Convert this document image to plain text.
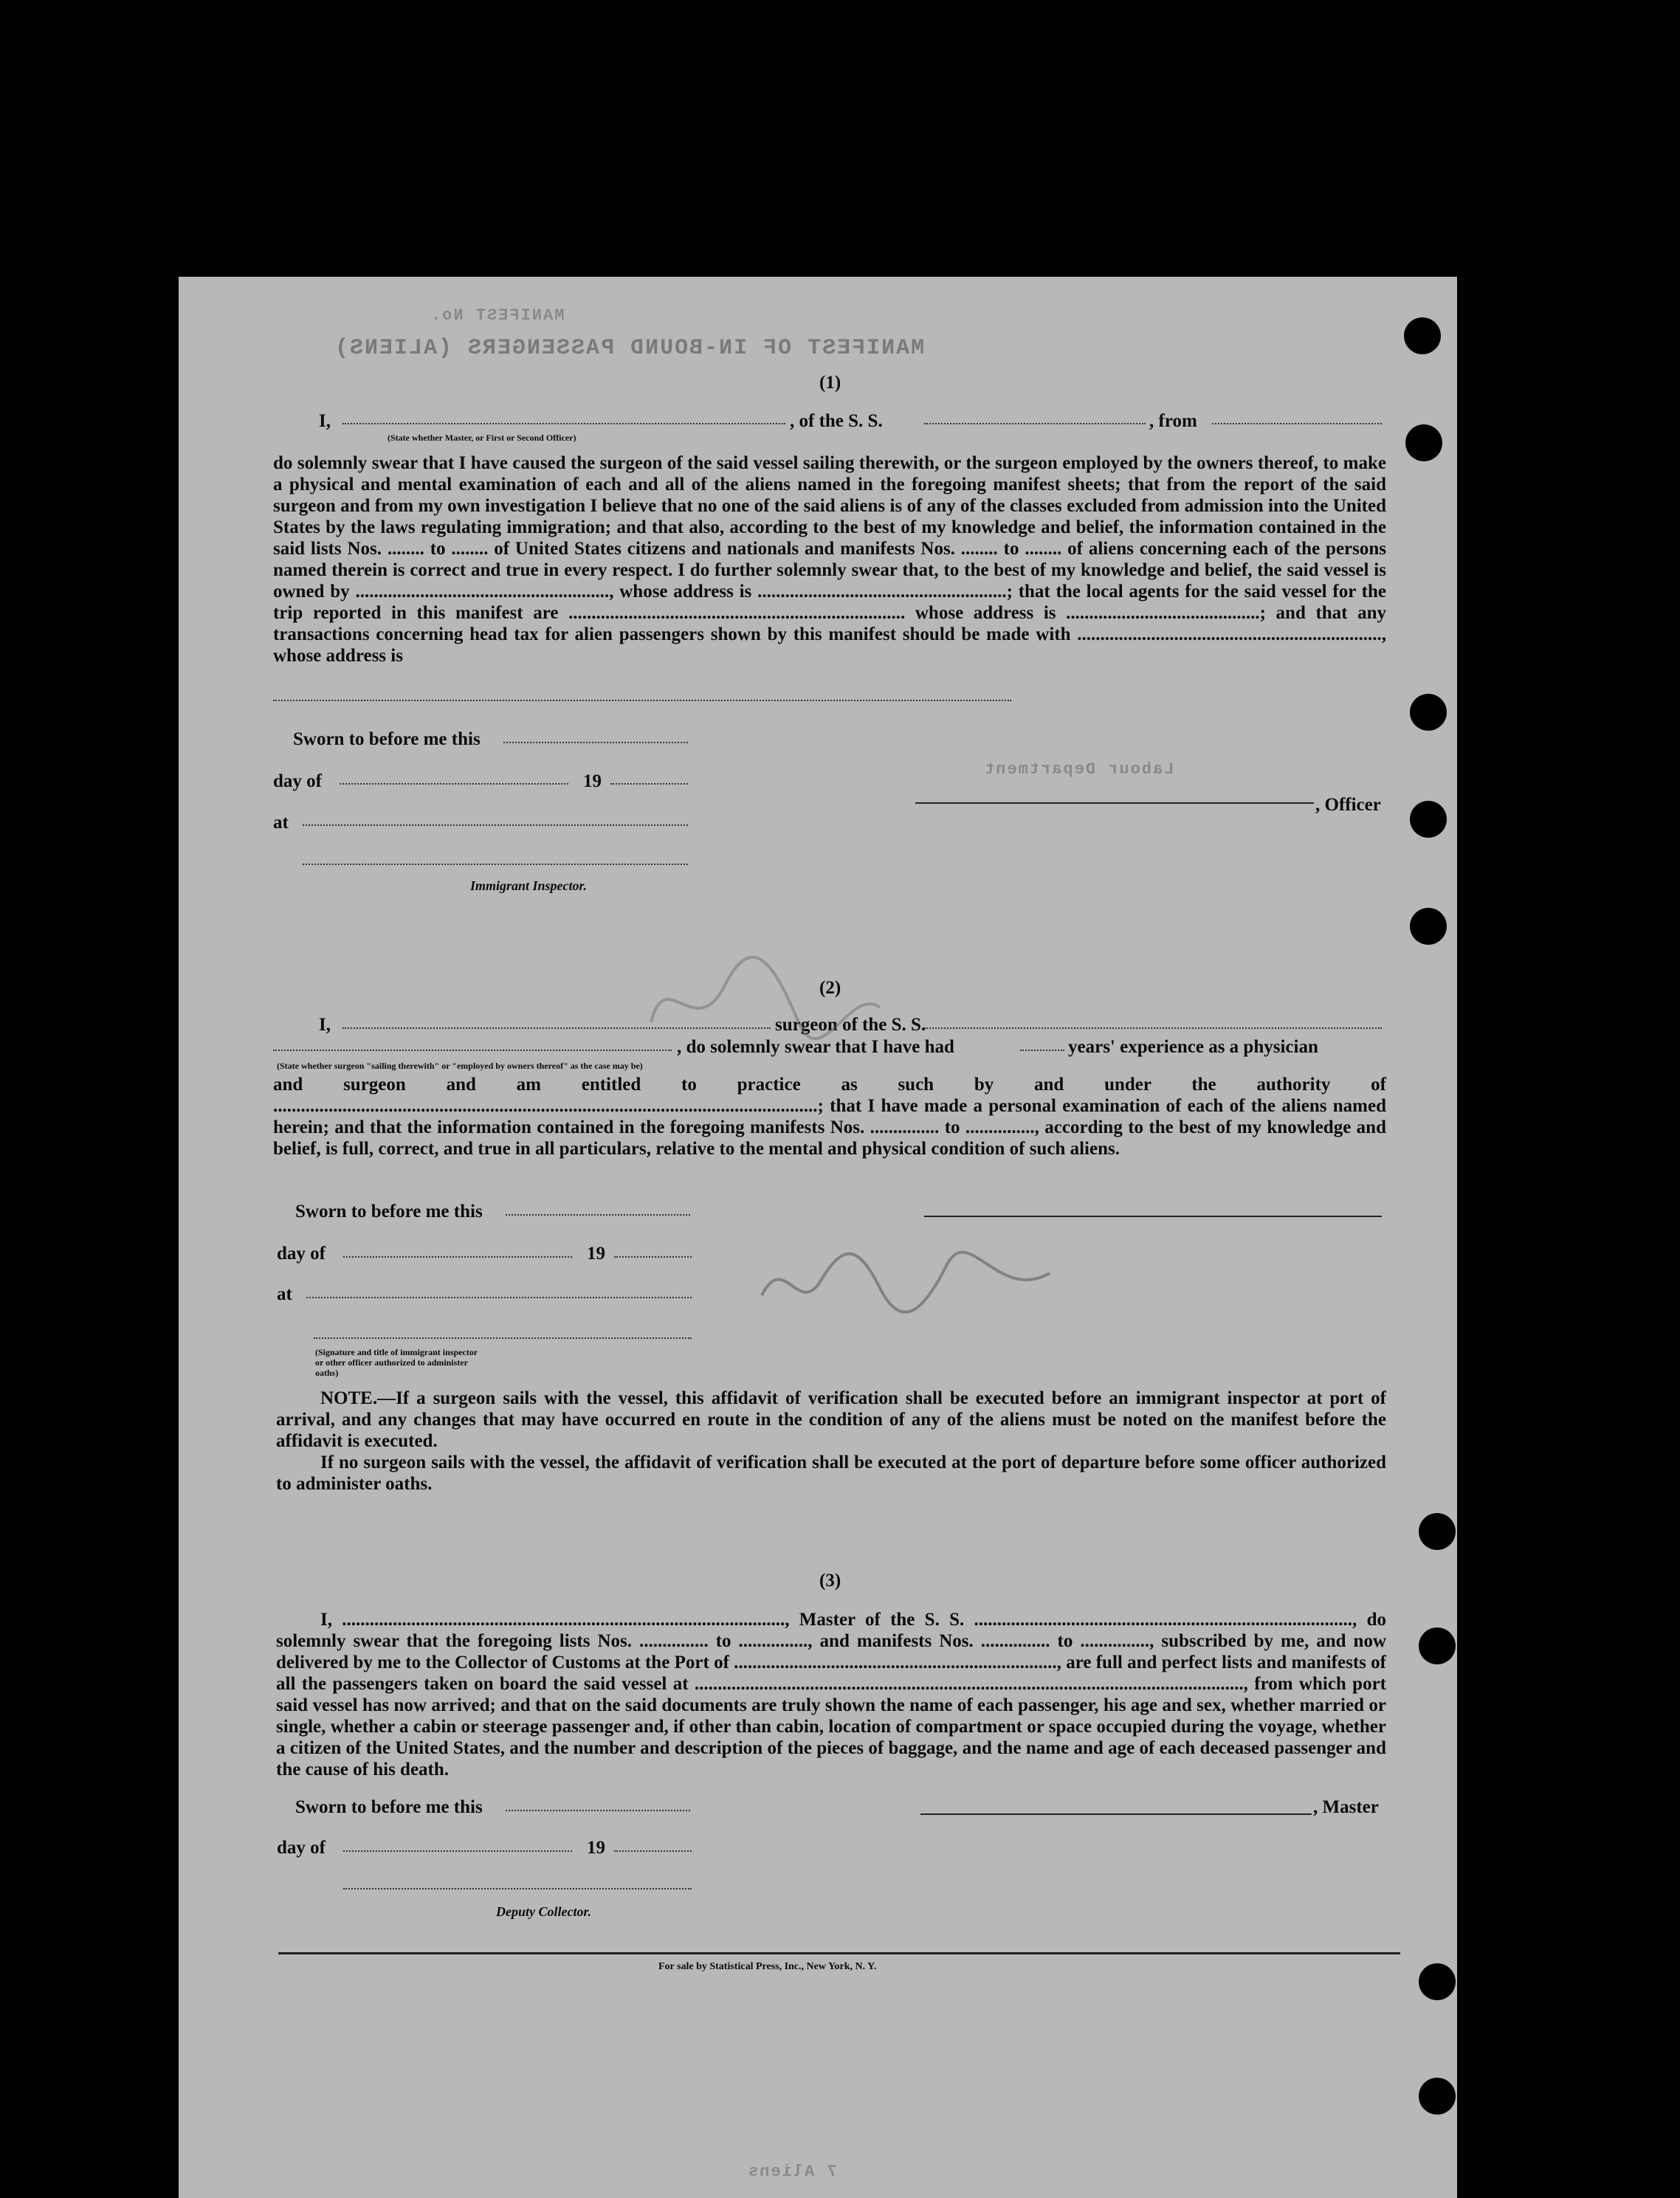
MANIFEST OF IN-BOUND PASSENGERS (ALIENS)
MANIFEST No.
Labour Department
7 Aliens
(1)
I,
(State whether Master, or First or Second Officer)
, of the S. S.	, from
do solemnly swear that I have caused the surgeon of the said vessel sailing therewith, or the surgeon employed by the owners thereof, to make a physical and mental examination of each and all of the aliens named in the foregoing manifest sheets; that from the report of the said surgeon and from my own investigation I believe that no one of the said aliens is of any of the classes excluded from admission into the United States by the laws regulating immigration; and that also, according to the best of my knowledge and belief, the information contained in the said lists Nos. ........ to ........ of United States citizens and nationals and manifests Nos. ........ to ........ of aliens concerning each of the persons named therein is correct and true in every respect. I do further solemnly swear that, to the best of my knowledge and belief, the said vessel is owned by ......................................................., whose address is ......................................................; that the local agents for the said vessel for the trip reported in this manifest are ......................................................................... whose address is ..........................................; and that any transactions concerning head tax for alien passengers shown by this manifest should be made with .................................................................., whose address is
Sworn to before me this
day of	19
at
Immigrant Inspector.
, Officer
(2)
I,	surgeon of the S. S.
, do solemnly swear that I have had	years' experience as a physician
(State whether surgeon "sailing therewith" or "employed by owners thereof" as the case may be)
and surgeon and am entitled to practice as such by and under the authority of ......................................................................................................................; that I have made a personal examination of each of the aliens named herein; and that the information contained in the foregoing manifests Nos. ............... to ..............., according to the best of my knowledge and belief, is full, correct, and true in all particulars, relative to the mental and physical condition of such aliens.
Sworn to before me this
day of	19
at
(Signature and title of immigrant inspector or other officer authorized to administer oaths)
NOTE.—If a surgeon sails with the vessel, this affidavit of verification shall be executed before an immigrant inspector at port of arrival, and any changes that may have occurred en route in the condition of any of the aliens must be noted on the manifest before the affidavit is executed.
If no surgeon sails with the vessel, the affidavit of verification shall be executed at the port of departure before some officer authorized to administer oaths.
(3)
I, ................................................................................................, Master of the S. S. .................................................................................., do solemnly swear that the foregoing lists Nos. ............... to ..............., and manifests Nos. ............... to ..............., subscribed by me, and now delivered by me to the Collector of Customs at the Port of ......................................................................, are full and perfect lists and manifests of all the passengers taken on board the said vessel at ......................................................................................................................., from which port said vessel has now arrived; and that on the said documents are truly shown the name of each passenger, his age and sex, whether married or single, whether a cabin or steerage passenger and, if other than cabin, location of compartment or space occupied during the voyage, whether a citizen of the United States, and the number and description of the pieces of baggage, and the name and age of each deceased passenger and the cause of his death.
Sworn to before me this
day of	19
Deputy Collector.
, Master
For sale by Statistical Press, Inc., New York, N. Y.
